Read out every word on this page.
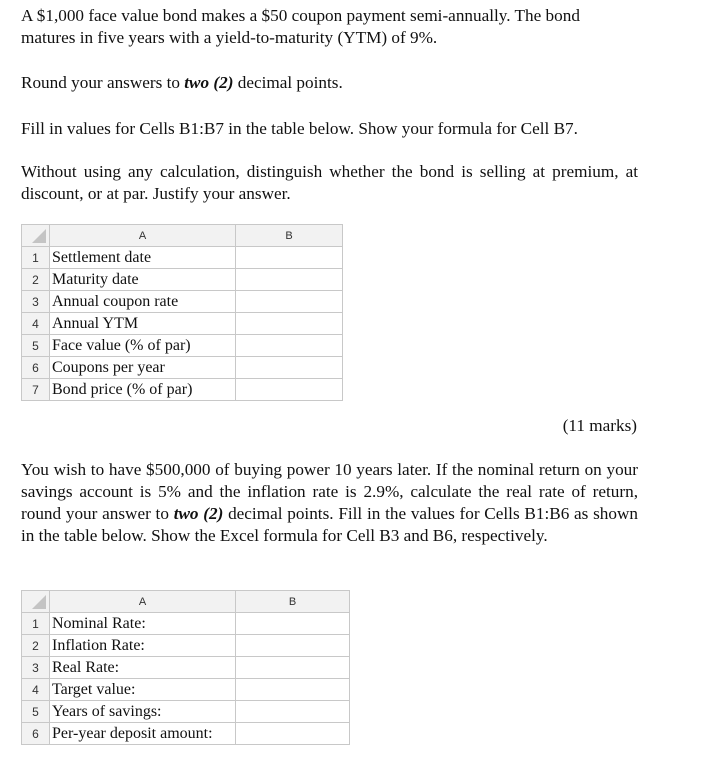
A $1,000 face value bond makes a $50 coupon payment semi-annually. The bond
matures in five years with a yield-to-maturity (YTM) of 9%.

Round your answers to two (2) decimal points.

Fill in values for Cells B1:B7 in the table below. Show your formula for Cell B7.

Without using any calculation, distinguish whether the bond is selling at premium, at discount, or at par. Justify your answer.

	A	B
1	Settlement date	
2	Maturity date	
3	Annual coupon rate	
4	Annual YTM	
5	Face value (% of par)	
6	Coupons per year	
7	Bond price (% of par)	
(11 marks)

You wish to have $500,000 of buying power 10 years later. If the nominal return on your savings account is 5% and the inflation rate is 2.9%, calculate the real rate of return, round your answer to two (2) decimal points. Fill in the values for Cells B1:B6 as shown in the table below. Show the Excel formula for Cell B3 and B6, respectively.

	A	B
1	Nominal Rate:	
2	Inflation Rate:	
3	Real Rate:	
4	Target value:	
5	Years of savings:	
6	Per-year deposit amount:	
